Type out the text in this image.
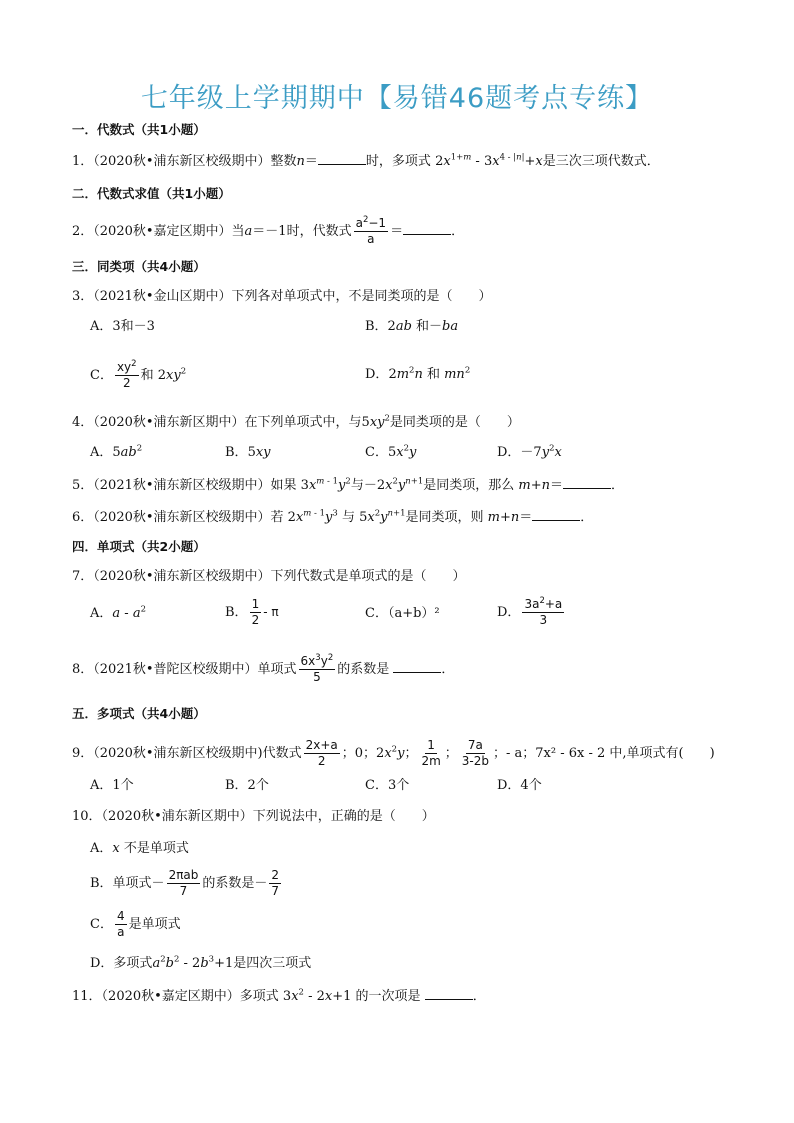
七年级上学期期中【易错46题考点专练】
一．代数式（共1小题）
1．（2020秋•浦东新区校级期中）整数n＝	时，多项式 $2x^{1+m} - 3x^{4 - |n|}+x$是三次三项代数式．
二．代数式求值（共1小题）
2．（2020秋•嘉定区期中）当a＝－1时，代数式 $\frac{a^2-1}{a}$ ＝	．
三．同类项（共4小题）
3．（2021秋•金山区期中）下列各对单项式中，不是同类项的是（　　）
A．3和－3	B．2ab 和－ba
C． $\frac{xy^2}{2}$ 和 $2xy^2$	D．$2m^2n$ 和 $mn^2$
4．（2020秋•浦东新区期中）在下列单项式中，与$5xy^2$是同类项的是（　　）
A．$5ab^2$	B．5xy	C．$5x^2y$	D．$-7y^2x$
5．（2021秋•浦东新区校级期中）如果 $3x^{m - 1}y^2$与$-2x^2y^{n+1}$是同类项，那么 m+n＝	．
6．（2020秋•浦东新区校级期中）若 $2x^{m - 1}y^3$ 与 $5x^2y^{n+1}$是同类项，则 m+n＝	．
四．单项式（共2小题）
7．（2020秋•浦东新区校级期中）下列代数式是单项式的是（　　）
A．a - $a^2$	B． $\frac{1}{2}$ - π	C．（a+b）²	D． $\frac{3a^2+a}{3}$
8．（2021秋•普陀区校级期中）单项式 $\frac{6x^3y^2}{5}$ 的系数是	．
五．多项式（共4小题）
9．（2020秋•浦东新区校级期中)代数式 $\frac{2x+a}{2}$ ；0；$2x^2y$； $\frac{1}{2m}$ ； $\frac{7a}{3-2b}$ ；- a；7x² - 6x - 2 中,单项式有(　　)
A．1个	B．2个	C．3个	D．4个
10．（2020秋•浦东新区期中）下列说法中，正确的是（　　）
A．x 不是单项式
B．单项式－ $\frac{\text{2πab}}{7}$ 的系数是－ $\frac{2}{7}$
C． $\frac{4}{a}$ 是单项式
D．多项式$a^2b^2 - 2b^3+1$是四次三项式
11．（2020秋•嘉定区期中）多项式 $3x^2 - 2x+1$ 的一次项是	．
